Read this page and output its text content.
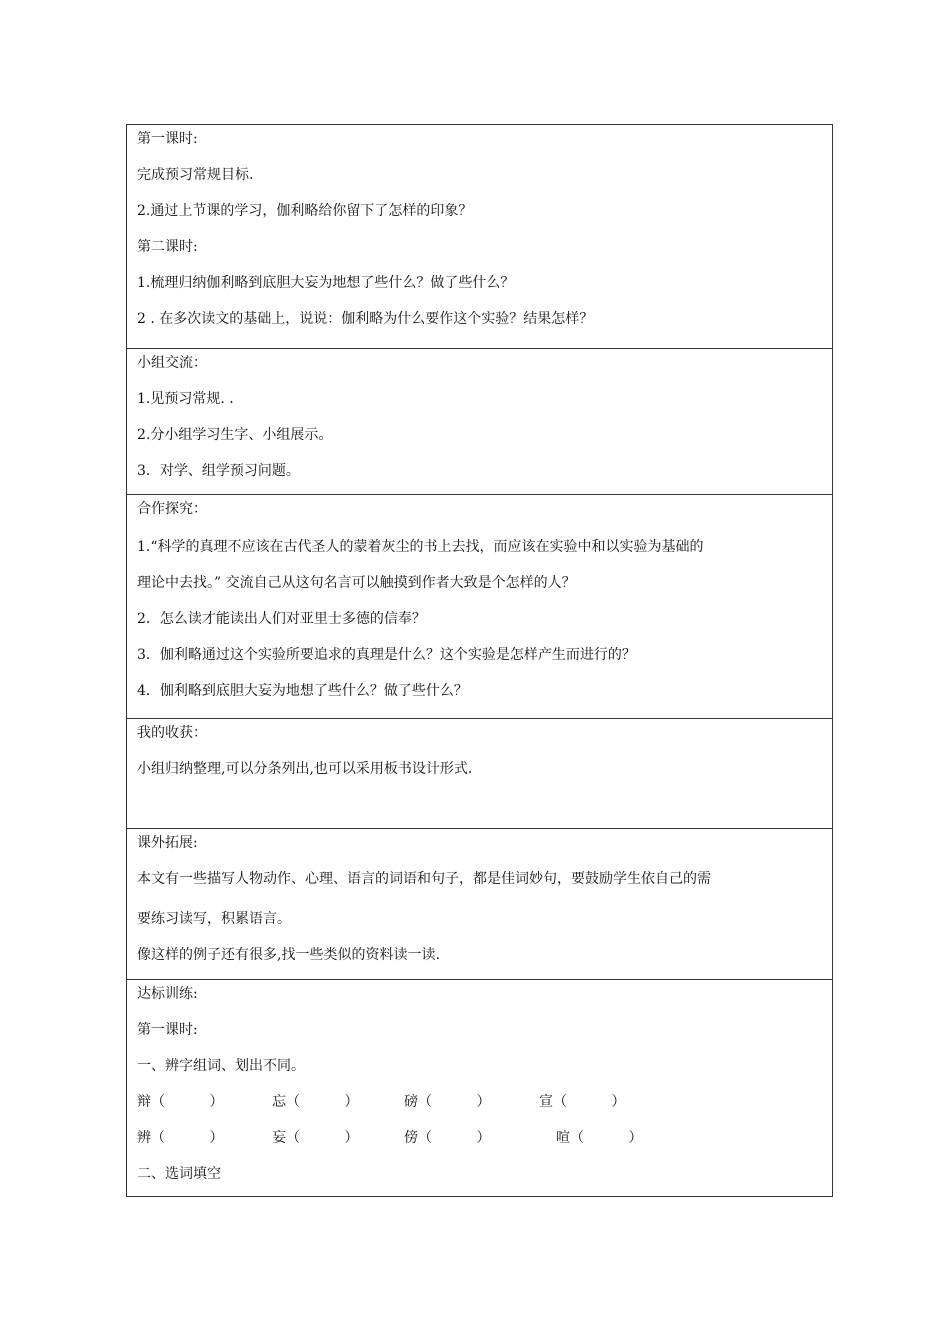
第一课时:
完成预习常规目标.
2.通过上节课的学习，伽利略给你留下了怎样的印象？
第二课时:
1.梳理归纳伽利略到底胆大妄为地想了些什么？做了些什么？
2 . 在多次读文的基础上，说说：伽利略为什么要作这个实验？结果怎样？
小组交流：
1.见预习常规. .
2.分小组学习生字、小组展示。
3．对学、组学预习问题。
合作探究：
1.“科学的真理不应该在古代圣人的蒙着灰尘的书上去找，而应该在实验中和以实验为基础的
理论中去找。” 交流自己从这句名言可以触摸到作者大致是个怎样的人？
2．怎么读才能读出人们对亚里士多德的信奉？
3．伽利略通过这个实验所要追求的真理是什么？这个实验是怎样产生而进行的？
4．伽利略到底胆大妄为地想了些什么？做了些什么？
我的收获：
小组归纳整理,可以分条列出,也可以采用板书设计形式.
课外拓展:
本文有一些描写人物动作、心理、语言的词语和句子，都是佳词妙句，要鼓励学生依自己的需
要练习读写，积累语言。
像这样的例子还有很多,找一些类似的资料读一读.
达标训练:
第一课时:
一、辨字组词、划出不同。
辩（          ）	忘（          ）	磅（          ）	宣（          ）
辨（          ）	妄（          ）	傍（          ）	喧（          ）
二、选词填空
